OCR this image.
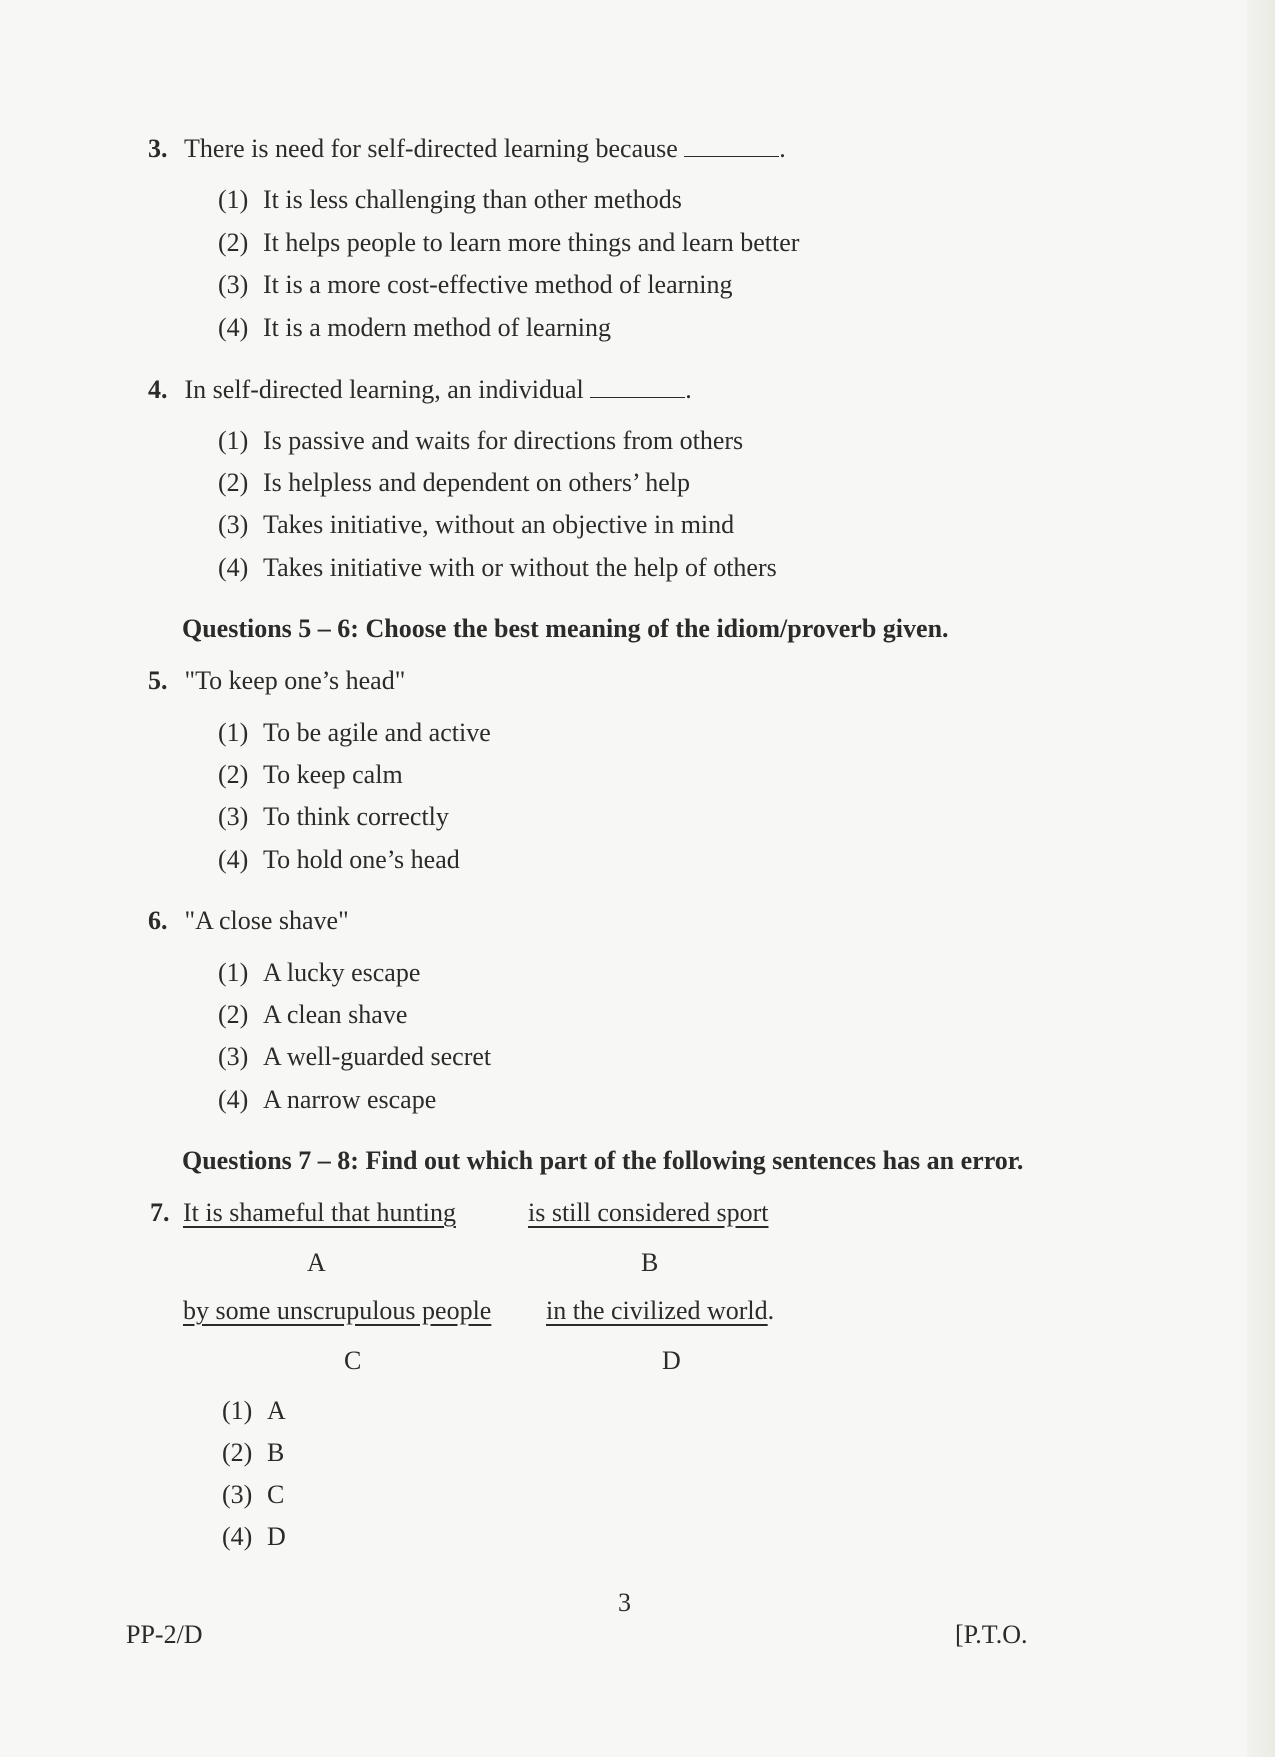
3. There is need for self-directed learning because	.
(1) It is less challenging than other methods
(2) It helps people to learn more things and learn better
(3) It is a more cost-effective method of learning
(4) It is a modern method of learning
4. In self-directed learning, an individual	.
(1) Is passive and waits for directions from others
(2) Is helpless and dependent on others’ help
(3) Takes initiative, without an objective in mind
(4) Takes initiative with or without the help of others
Questions 5 – 6: Choose the best meaning of the idiom/proverb given.
5. "To keep one’s head"
(1) To be agile and active
(2) To keep calm
(3) To think correctly
(4) To hold one’s head
6. "A close shave"
(1) A lucky escape
(2) A clean shave
(3) A well-guarded secret
(4) A narrow escape
Questions 7 – 8: Find out which part of the following sentences has an error.
7. It is shameful that hunting	is still considered sport
A	B
by some unscrupulous people in the civilized world.
C	D
(1) A
(2) B
(3) C
(4) D
3
PP-2/D	[P.T.O.
